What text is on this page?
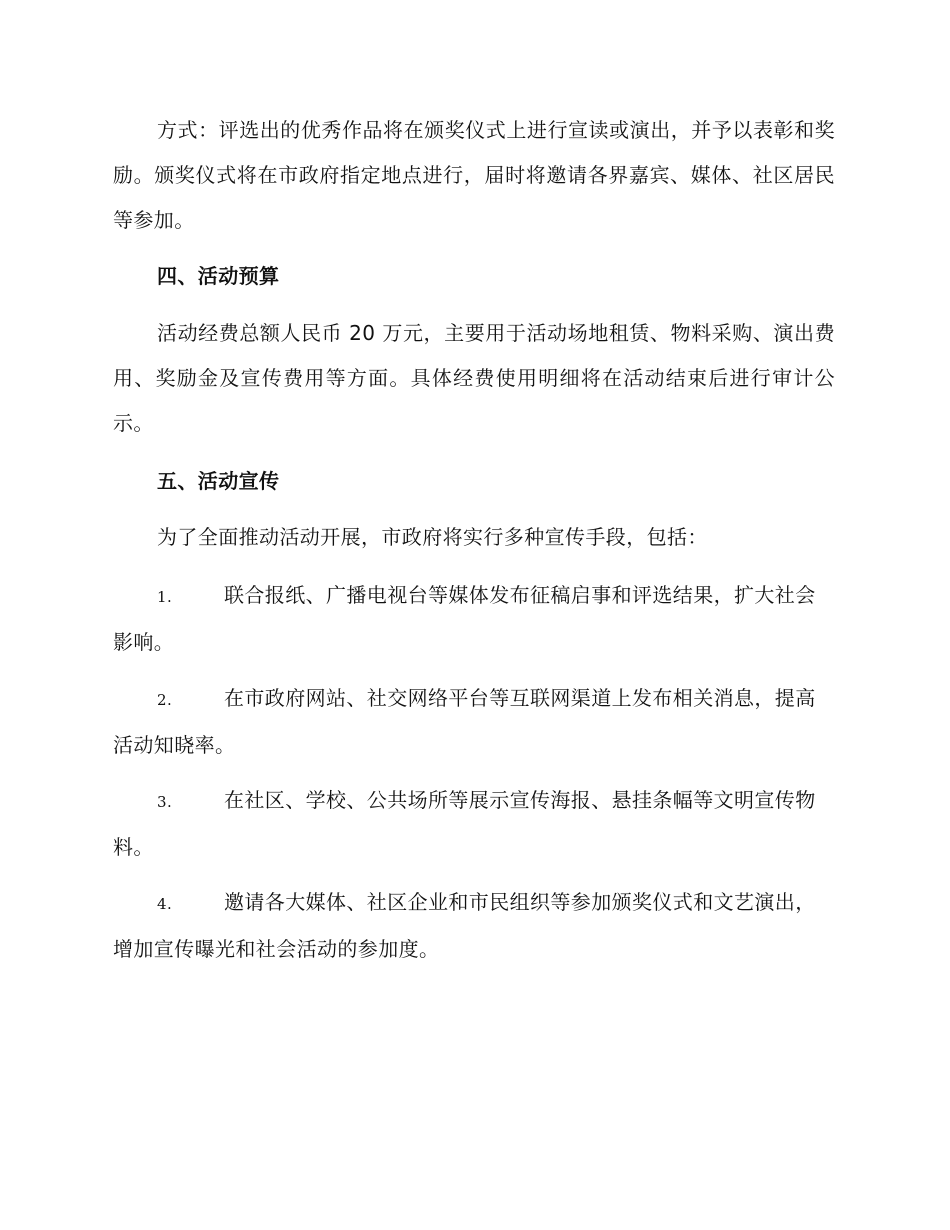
方式：评选出的优秀作品将在颁奖仪式上进行宣读或演出，并予以表彰和奖励。颁奖仪式将在市政府指定地点进行，届时将邀请各界嘉宾、媒体、社区居民等参加。

四、活动预算

活动经费总额人民币 20 万元，主要用于活动场地租赁、物料采购、演出费用、奖励金及宣传费用等方面。具体经费使用明细将在活动结束后进行审计公示。

五、活动宣传

为了全面推动活动开展，市政府将实行多种宣传手段，包括：

1.	联合报纸、广播电视台等媒体发布征稿启事和评选结果，扩大社会影响。
2.	在市政府网站、社交网络平台等互联网渠道上发布相关消息，提高活动知晓率。
3.	在社区、学校、公共场所等展示宣传海报、悬挂条幅等文明宣传物料。
4.	邀请各大媒体、社区企业和市民组织等参加颁奖仪式和文艺演出，增加宣传曝光和社会活动的参加度。
